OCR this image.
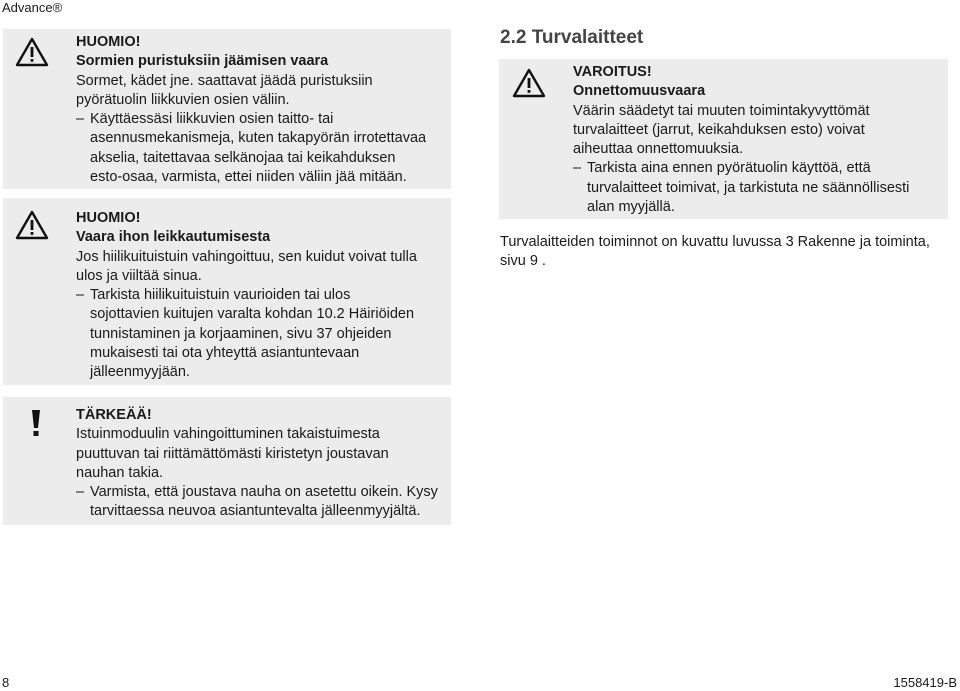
Advance®
HUOMIO!
Sormien puristuksiin jäämisen vaara
Sormet, kädet jne. saattavat jäädä puristuksiin
pyörätuolin liikkuvien osien väliin.
– Käyttäessäsi liikkuvien osien taitto- tai
asennusmekanismeja, kuten takapyörän irrotettavaa
akselia, taitettavaa selkänojaa tai keikahduksen
esto-osaa, varmista, ettei niiden väliin jää mitään.
HUOMIO!
Vaara ihon leikkautumisesta
Jos hiilikuituistuin vahingoittuu, sen kuidut voivat tulla
ulos ja viiltää sinua.
– Tarkista hiilikuituistuin vaurioiden tai ulos
sojottavien kuitujen varalta kohdan 10.2 Häiriöiden
tunnistaminen ja korjaaminen, sivu 37 ohjeiden
mukaisesti tai ota yhteyttä asiantuntevaan
jälleenmyyjään.
TÄRKEÄÄ!
Istuinmoduulin vahingoittuminen takaistuimesta
puuttuvan tai riittämättömästi kiristetyn joustavan
nauhan takia.
– Varmista, että joustava nauha on asetettu oikein. Kysy
tarvittaessa neuvoa asiantuntevalta jälleenmyyjältä.
2.2 Turvalaitteet
VAROITUS!
Onnettomuusvaara
Väärin säädetyt tai muuten toimintakyvyttömät
turvalaitteet (jarrut, keikahduksen esto) voivat
aiheuttaa onnettomuuksia.
– Tarkista aina ennen pyörätuolin käyttöä, että
turvalaitteet toimivat, ja tarkistuta ne säännöllisesti
alan myyjällä.
Turvalaitteiden toiminnot on kuvattu luvussa 3 Rakenne ja toiminta,
sivu 9 .
8	1558419-B
